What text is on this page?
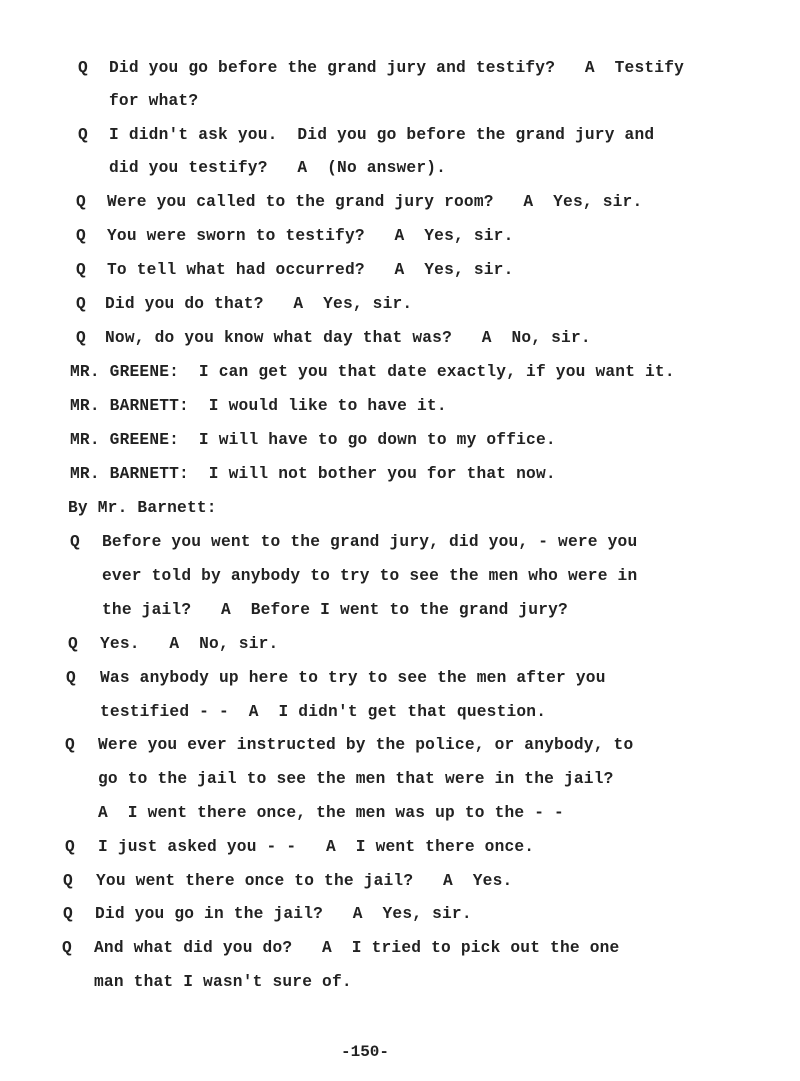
Q Did you go before the grand jury and testify?   A  Testify
for what?
Q I didn't ask you.  Did you go before the grand jury and
did you testify?   A  (No answer).
Q Were you called to the grand jury room?   A  Yes, sir.
Q You were sworn to testify?   A  Yes, sir.
Q To tell what had occurred?   A  Yes, sir.
Q Did you do that?   A  Yes, sir.
Q Now, do you know what day that was?   A  No, sir.
MR. GREENE:  I can get you that date exactly, if you want it.
MR. BARNETT:  I would like to have it.
MR. GREENE:  I will have to go down to my office.
MR. BARNETT:  I will not bother you for that now.
By Mr. Barnett:
Q Before you went to the grand jury, did you, - were you
ever told by anybody to try to see the men who were in
the jail?   A  Before I went to the grand jury?
Q Yes.   A  No, sir.
Q Was anybody up here to try to see the men after you
testified - -  A  I didn't get that question.
Q Were you ever instructed by the police, or anybody, to
go to the jail to see the men that were in the jail?
A  I went there once, the men was up to the - -
Q I just asked you - -   A  I went there once.
Q You went there once to the jail?   A  Yes.
Q Did you go in the jail?   A  Yes, sir.
Q And what did you do?   A  I tried to pick out the one
man that I wasn't sure of.
-150-
